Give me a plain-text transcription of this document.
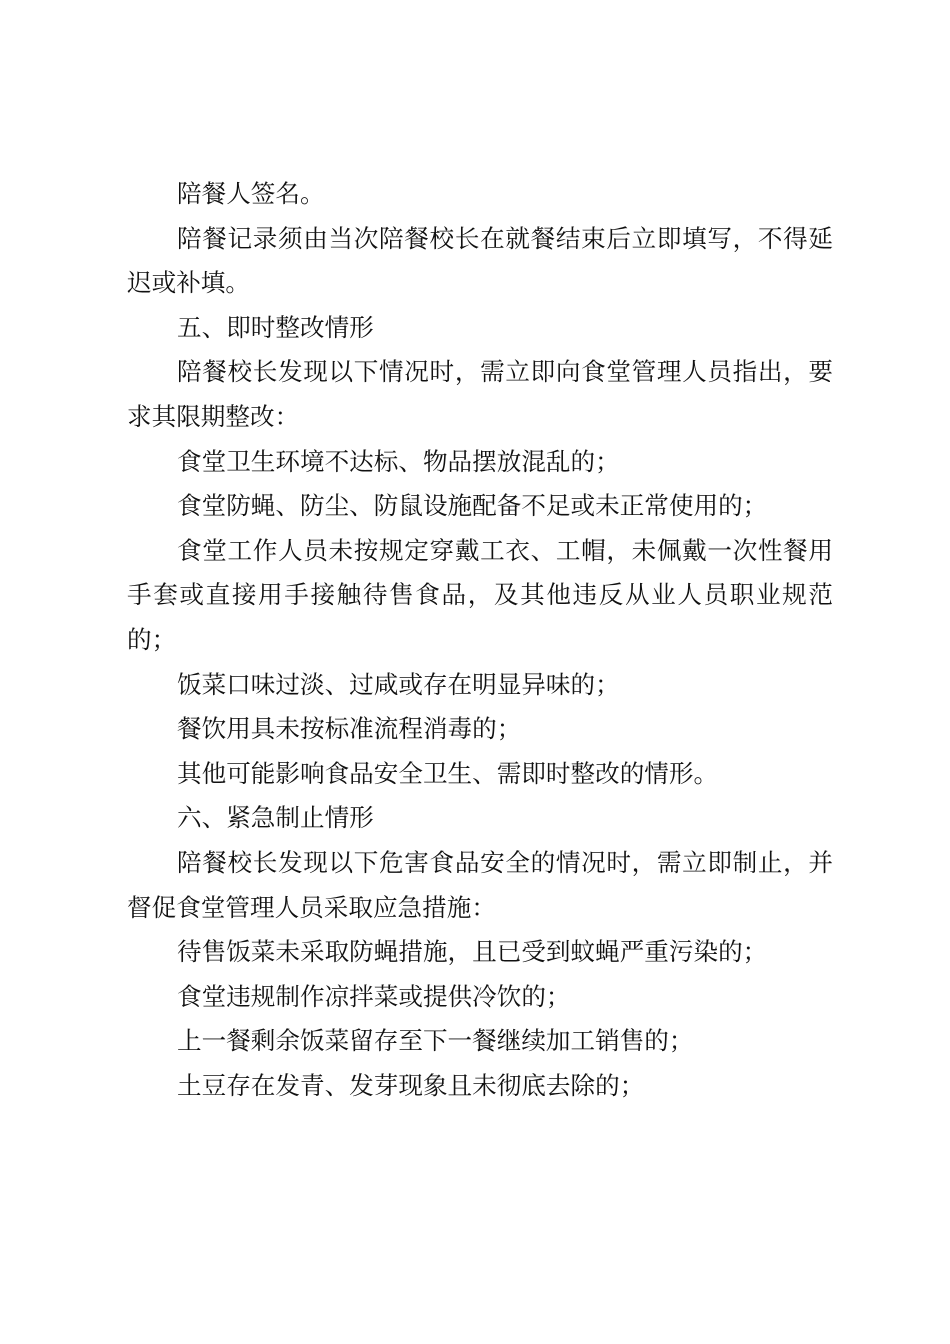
陪餐人签名。

陪餐记录须由当次陪餐校长在就餐结束后立即填写，不得延迟或补填。

五、即时整改情形

陪餐校长发现以下情况时，需立即向食堂管理人员指出，要求其限期整改：

食堂卫生环境不达标、物品摆放混乱的；

食堂防蝇、防尘、防鼠设施配备不足或未正常使用的；

食堂工作人员未按规定穿戴工衣、工帽，未佩戴一次性餐用手套或直接用手接触待售食品，及其他违反从业人员职业规范的；

饭菜口味过淡、过咸或存在明显异味的；

餐饮用具未按标准流程消毒的；

其他可能影响食品安全卫生、需即时整改的情形。

六、紧急制止情形

陪餐校长发现以下危害食品安全的情况时，需立即制止，并督促食堂管理人员采取应急措施：

待售饭菜未采取防蝇措施，且已受到蚊蝇严重污染的；

食堂违规制作凉拌菜或提供冷饮的；

上一餐剩余饭菜留存至下一餐继续加工销售的；

土豆存在发青、发芽现象且未彻底去除的；
